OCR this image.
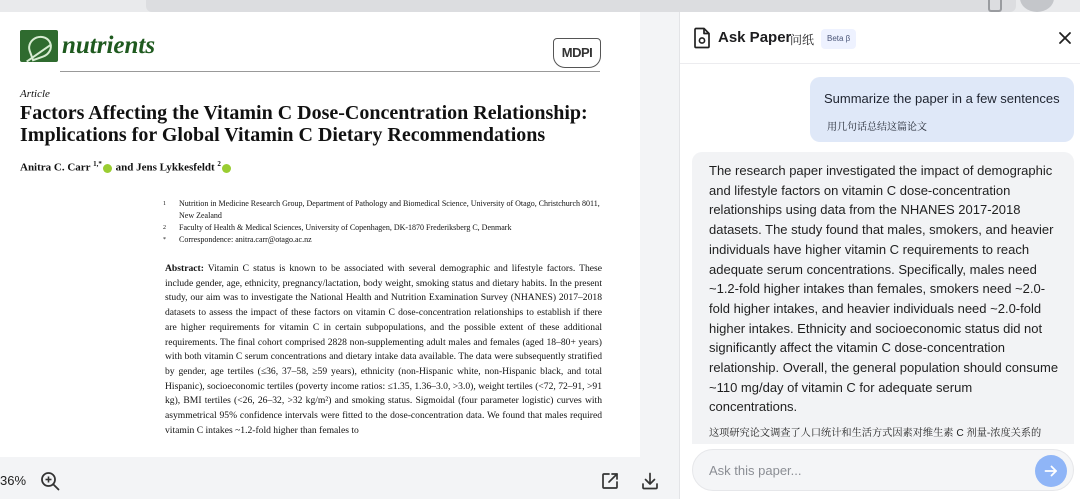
nutrients	MDPI
Article
Factors Affecting the Vitamin C Dose-Concentration Relationship: Implications for Global Vitamin C Dietary Recommendations
Anitra C. Carr $^{1,*}$ and Jens Lykkesfeldt $^2$
1 Nutrition in Medicine Research Group, Department of Pathology and Biomedical Science, University of Otago, Christchurch 8011, New Zealand
2 Faculty of Health & Medical Sciences, University of Copenhagen, DK-1870 Frederiksberg C, Denmark
* Correspondence: anitra.carr@otago.ac.nz
Abstract: Vitamin C status is known to be associated with several demographic and lifestyle factors. These include gender, age, ethnicity, pregnancy/lactation, body weight, smoking status and dietary habits. In the present study, our aim was to investigate the National Health and Nutrition Examination Survey (NHANES) 2017–2018 datasets to assess the impact of these factors on vitamin C dose-concentration relationships to establish if there are higher requirements for vitamin C in certain subpopulations, and the possible extent of these additional requirements. The final cohort comprised 2828 non-supplementing adult males and females (aged 18–80+ years) with both vitamin C serum concentrations and dietary intake data available. The data were subsequently stratified by gender, age tertiles (≤36, 37–58, ≥59 years), ethnicity (non-Hispanic white, non-Hispanic black, and total Hispanic), socioeconomic tertiles (poverty income ratios: ≤1.35, 1.36–3.0, >3.0), weight tertiles (<72, 72–91, >91 kg), BMI tertiles (<26, 26–32, >32 kg/m²) and smoking status. Sigmoidal (four parameter logistic) curves with asymmetrical 95% confidence intervals were fitted to the dose-concentration data. We found that males required vitamin C intakes ~1.2-fold higher than females to
36%
Ask Paper
问纸	Beta β
Summarize the paper in a few sentences
用几句话总结这篇论文
The research paper investigated the impact of demographic and lifestyle factors on vitamin C dose-concentration relationships using data from the NHANES 2017-2018 datasets. The study found that males, smokers, and heavier individuals have higher vitamin C requirements to reach adequate serum concentrations. Specifically, males need ~1.2-fold higher intakes than females, smokers need ~2.0-fold higher intakes, and heavier individuals need ~2.0-fold higher intakes. Ethnicity and socioeconomic status did not significantly affect the vitamin C dose-concentration relationship. Overall, the general population should consume ~110 mg/day of vitamin C for adequate serum concentrations.
这项研究论文调查了人口统计和生活方式因素对维生素 C 剂量-浓度关系的
Ask this paper...
